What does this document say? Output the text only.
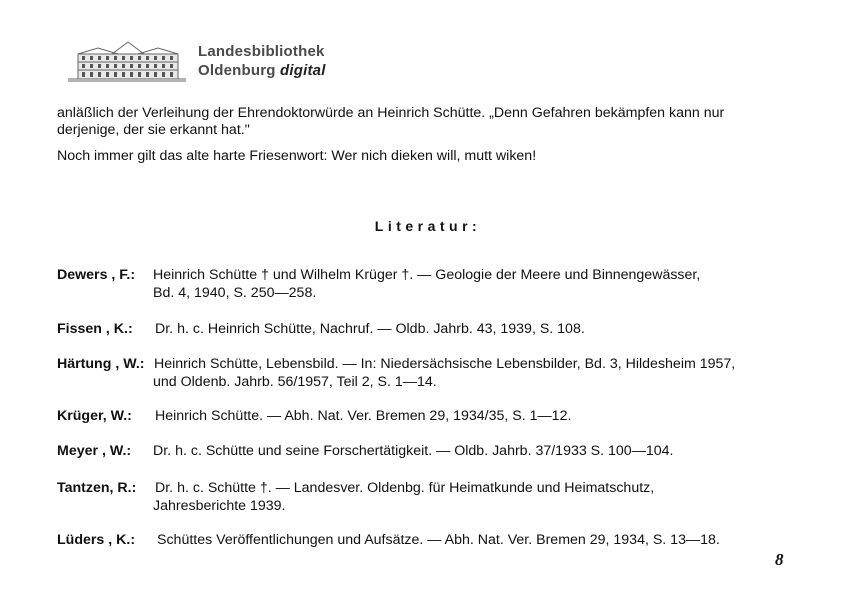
Landesbibliothek
Oldenburg digital
anläßlich der Verleihung der Ehrendoktorwürde an Heinrich Schütte. „Denn Gefahren bekämpfen kann nur derjenige, der sie erkannt hat."
Noch immer gilt das alte harte Friesenwort: Wer nich dieken will, mutt wiken!
Literatur:
Dewers , F.: Heinrich Schütte † und Wilhelm Krüger †. — Geologie der Meere und Binnengewässer,
Bd. 4, 1940, S. 250—258.
Fissen , K.: Dr. h. c. Heinrich Schütte, Nachruf. — Oldb. Jahrb. 43, 1939, S. 108.
Härtung , W.: Heinrich Schütte, Lebensbild. — In: Niedersächsische Lebensbilder, Bd. 3, Hildesheim 1957,
und Oldenb. Jahrb. 56/1957, Teil 2, S. 1—14.
Krüger, W.: Heinrich Schütte. — Abh. Nat. Ver. Bremen 29, 1934/35, S. 1—12.
Meyer , W.: Dr. h. c. Schütte und seine Forschertätigkeit. — Oldb. Jahrb. 37/1933 S. 100—104.
Tantzen, R.: Dr. h. c. Schütte †. — Landesver. Oldenbg. für Heimatkunde und Heimatschutz,
Jahresberichte 1939.
Lüders , K.: Schüttes Veröffentlichungen und Aufsätze. — Abh. Nat. Ver. Bremen 29, 1934, S. 13—18.
8
